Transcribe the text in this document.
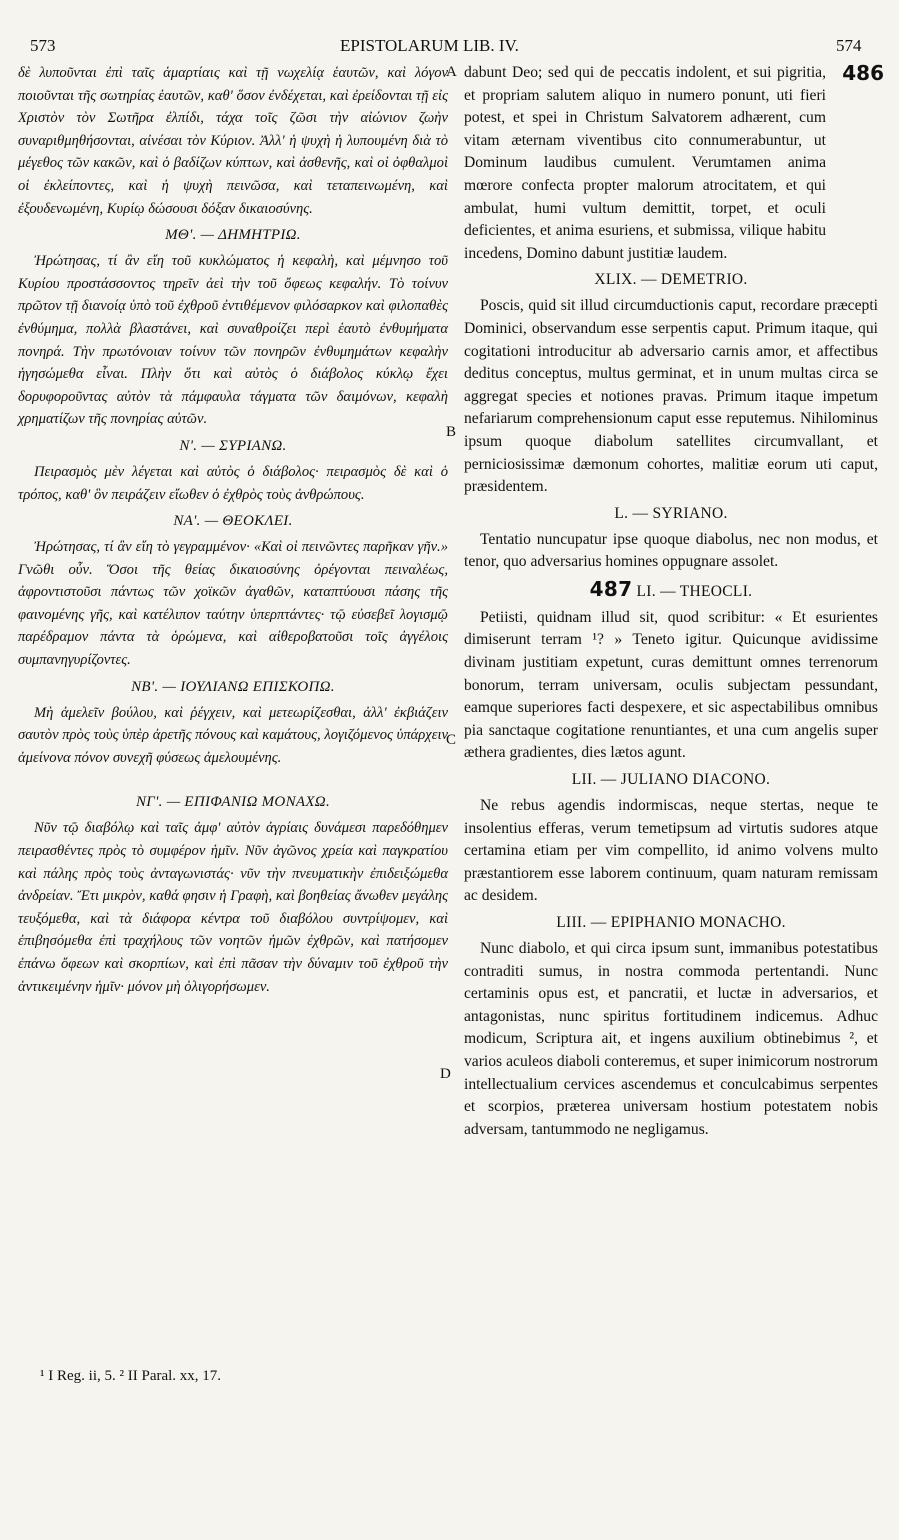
573	EPISTOLARUM LIB. IV.	574

δὲ λυποῦνται ἐπὶ ταῖς ἁμαρτίαις καὶ τῇ νωχελίᾳ ἑαυτῶν, καὶ λόγον ποιοῦνται τῆς σωτηρίας ἑαυτῶν, καθ' ὅσον ἐνδέχεται, καὶ ἐρείδονται τῇ εἰς Χριστὸν τὸν Σωτῆρα ἐλπίδι, τάχα τοῖς ζῶσι τὴν αἰώνιον ζωὴν συναριθμηθήσονται, αἰνέσαι τὸν Κύριον. Ἀλλ' ἡ ψυχὴ ἡ λυπουμένη διὰ τὸ μέγεθος τῶν κακῶν, καὶ ὁ βαδίζων κύπτων, καὶ ἀσθενῆς, καὶ οἱ ὀφθαλμοὶ οἱ ἐκλείποντες, καὶ ἡ ψυχὴ πεινῶσα, καὶ τεταπεινωμένη, καὶ ἐξουδενωμένη, Κυρίῳ δώσουσι δόξαν δικαιοσύνης.

ΜΘʹ. — ΔΗΜΗΤΡΙΩ.

Ἠρώτησας, τί ἂν εἴη τοῦ κυκλώματος ἡ κεφαλὴ, καὶ μέμνησο τοῦ Κυρίου προστάσσοντος τηρεῖν ἀεὶ τὴν τοῦ ὄφεως κεφαλήν. Τὸ τοίνυν πρῶτον τῇ διανοίᾳ ὑπὸ τοῦ ἐχθροῦ ἐντιθέμενον φιλόσαρκον καὶ φιλοπαθὲς ἐνθύμημα, πολλὰ βλαστάνει, καὶ συναθροίζει περὶ ἑαυτὸ ἐνθυμήματα πονηρά. Τὴν πρωτόνοιαν τοίνυν τῶν πονηρῶν ἐνθυμημάτων κεφαλὴν ἡγησώμεθα εἶναι. Πλὴν ὅτι καὶ αὐτὸς ὁ διάβολος κύκλῳ ἔχει δορυφοροῦντας αὐτὸν τὰ πάμφαυλα τάγματα τῶν δαιμόνων, κεφαλὴ χρηματίζων τῆς πονηρίας αὐτῶν.

Νʹ. — ΣΥΡΙΑΝΩ.

Πειρασμὸς μὲν λέγεται καὶ αὐτὸς ὁ διάβολος· πειρασμὸς δὲ καὶ ὁ τρόπος, καθ' ὃν πειράζειν εἴωθεν ὁ ἐχθρὸς τοὺς ἀνθρώπους.

ΝΑʹ. — ΘΕΟΚΛΕΙ.

Ἠρώτησας, τί ἂν εἴη τὸ γεγραμμένον· «Καὶ οἱ πεινῶντες παρῆκαν γῆν.» Γνῶθι οὖν. Ὅσοι τῆς θείας δικαιοσύνης ὀρέγονται πειναλέως, ἀφροντιστοῦσι πάντως τῶν χοϊκῶν ἀγαθῶν, καταπτύουσι πάσης τῆς φαινομένης γῆς, καὶ κατέλιπον ταύτην ὑπερπτάντες· τῷ εὐσεβεῖ λογισμῷ παρέδραμον πάντα τὰ ὁρώμενα, καὶ αἰθεροβατοῦσι τοῖς ἀγγέλοις συμπανηγυρίζοντες.

ΝΒʹ. — ΙΟΥΛΙΑΝΩ ΕΠΙΣΚΟΠΩ.

Μὴ ἀμελεῖν βούλου, καὶ ῥέγχειν, καὶ μετεωρίζεσθαι, ἀλλ' ἐκβιάζειν σαυτὸν πρὸς τοὺς ὑπὲρ ἀρετῆς πόνους καὶ καμάτους, λογιζόμενος ὑπάρχειν ἀμείνονα πόνον συνεχῆ φύσεως ἀμελουμένης.

ΝΓʹ. — ΕΠΙΦΑΝΙΩ ΜΟΝΑΧΩ.

Νῦν τῷ διαβόλῳ καὶ ταῖς ἀμφ' αὐτὸν ἀγρίαις δυνάμεσι παρεδόθημεν πειρασθέντες πρὸς τὸ συμφέρον ἡμῖν. Νῦν ἀγῶνος χρεία καὶ παγκρατίου καὶ πάλης πρὸς τοὺς ἀνταγωνιστάς· νῦν τὴν πνευματικὴν ἐπιδειξώμεθα ἀνδρείαν. Ἔτι μικρὸν, καθά φησιν ἡ Γραφὴ, καὶ βοηθείας ἄνωθεν μεγάλης τευξόμεθα, καὶ τὰ διάφορα κέντρα τοῦ διαβόλου συντρίψομεν, καὶ ἐπιβησόμεθα ἐπὶ τραχήλους τῶν νοητῶν ἡμῶν ἐχθρῶν, καὶ πατήσομεν ἐπάνω ὄφεων καὶ σκορπίων, καὶ ἐπὶ πᾶσαν τὴν δύναμιν τοῦ ἐχθροῦ τὴν ἀντικειμένην ἡμῖν· μόνον μὴ ὀλιγορήσωμεν.

A
B
C
D
486

dabunt Deo; sed qui de peccatis indolent, et sui pigritia, et propriam salutem aliquo in numero ponunt, uti fieri potest, et spei in Christum Salvatorem adhærent, cum vitam æternam viventibus cito connumerabuntur, ut Dominum laudibus cumulent. Verumtamen anima mœrore confecta propter malorum atrocitatem, et qui ambulat, humi vultum demittit, torpet, et oculi deficientes, et anima esuriens, et submissa, vilique habitu incedens, Domino dabunt justitiæ laudem.

XLIX. — DEMETRIO.

Poscis, quid sit illud circumductionis caput, recordare præcepti Dominici, observandum esse serpentis caput. Primum itaque, qui cogitationi introducitur ab adversario carnis amor, et affectibus deditus conceptus, multus germinat, et in unum multas circa se aggregat species et notiones pravas. Primum itaque impetum nefariarum comprehensionum caput esse reputemus. Nihilominus ipsum quoque diabolum satellites circumvallant, et perniciosissimæ dæmonum cohortes, malitiæ eorum uti caput, præsidentem.

L. — SYRIANO.

Tentatio nuncupatur ipse quoque diabolus, nec non modus, et tenor, quo adversarius homines oppugnare assolet.

487 LI. — THEOCLI.

Petiisti, quidnam illud sit, quod scribitur: « Et esurientes dimiserunt terram ¹? » Teneto igitur. Quicunque avidissime divinam justitiam expetunt, curas demittunt omnes terrenorum bonorum, terram universam, oculis subjectam pessundant, eamque superiores facti despexere, et sic aspectabilibus omnibus pia sanctaque cogitatione renuntiantes, et una cum angelis super æthera gradientes, dies lætos agunt.

LII. — JULIANO DIACONO.

Ne rebus agendis indormiscas, neque stertas, neque te insolentius efferas, verum temetipsum ad virtutis sudores atque certamina etiam per vim compellito, id animo volvens multo præstantiorem esse laborem continuum, quam naturam remissam ac desidem.

LIII. — EPIPHANIO MONACHO.

Nunc diabolo, et qui circa ipsum sunt, immanibus potestatibus contraditi sumus, in nostra commoda pertentandi. Nunc certaminis opus est, et pancratii, et luctæ in adversarios, et antagonistas, nunc spiritus fortitudinem indicemus. Adhuc modicum, Scriptura ait, et ingens auxilium obtinebimus ², et varios aculeos diaboli conteremus, et super inimicorum nostrorum intellectualium cervices ascendemus et conculcabimus serpentes et scorpios, præterea universam hostium potestatem nobis adversam, tantummodo ne negligamus.

¹ I Reg. ii, 5. ² II Paral. xx, 17.
